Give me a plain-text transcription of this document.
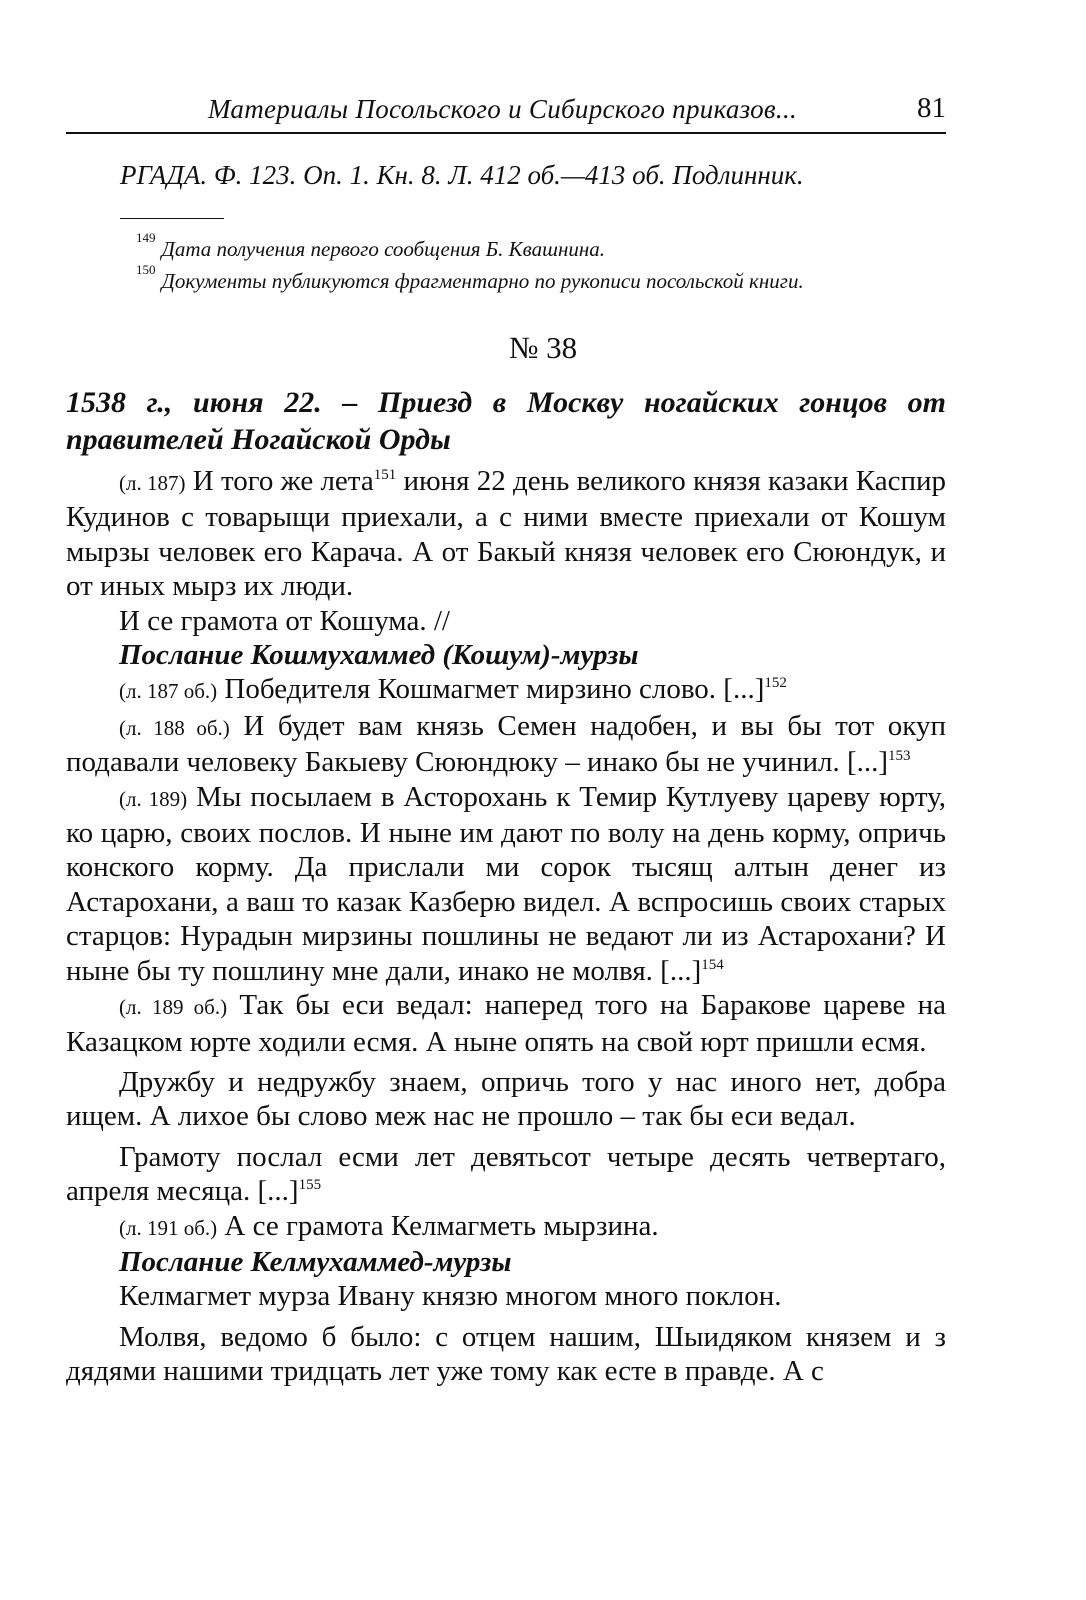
Материалы Посольского и Сибирского приказов...	81
РГАДА. Ф. 123. Оп. 1. Кн. 8. Л. 412 об.—413 об. Подлинник.
$^{149}$ Дата получения первого сообщения Б. Квашнина.
$^{150}$ Документы публикуются фрагментарно по рукописи посольской книги.
№ 38
1538 г., июня 22. – Приезд в Москву ногайских гонцов от правителей Ногайской Орды

(л. 187) И того же лета$^{151}$ июня 22 день великого князя казаки Каспир Кудинов с товарыщи приехали, а с ними вместе приехали от Кошум мырзы человек его Карача. А от Бакый князя человек его Сююндук, и от иных мырз их люди.

И се грамота от Кошума. //

Послание Кошмухаммед (Кошум)-мурзы

(л. 187 об.) Победителя Кошмагмет мирзино слово. [...]$^{152}$

(л. 188 об.) И будет вам князь Семен надобен, и вы бы тот окуп подавали человеку Бакыеву Сююндюку – инако бы не учинил. [...]$^{153}$

(л. 189) Мы посылаем в Асторохань к Темир Кутлуеву цареву юрту, ко царю, своих послов. И ныне им дают по волу на день корму, опричь конского корму. Да прислали ми сорок тысящ алтын денег из Астарохани, а ваш то казак Казберю видел. А вспросишь своих старых старцов: Нурадын мирзины пошлины не ведают ли из Астарохани? И ныне бы ту пошлину мне дали, инако не молвя. [...]$^{154}$

(л. 189 об.) Так бы еси ведал: наперед того на Баракове цареве на Казацком юрте ходили есмя. А ныне опять на свой юрт пришли есмя.

Дружбу и недружбу знаем, опричь того у нас иного нет, добра ищем. А лихое бы слово меж нас не прошло – так бы еси ведал.

Грамоту послал есми лет девятьсот четыре десять четвертаго, апреля месяца. [...]$^{155}$

(л. 191 об.) А се грамота Келмагметь мырзина.

Послание Келмухаммед-мурзы

Келмагмет мурза Ивану князю многом много поклон.

Молвя, ведомо б было: с отцем нашим, Шыидяком князем и з дядями нашими тридцать лет уже тому как есте в правде. А с
